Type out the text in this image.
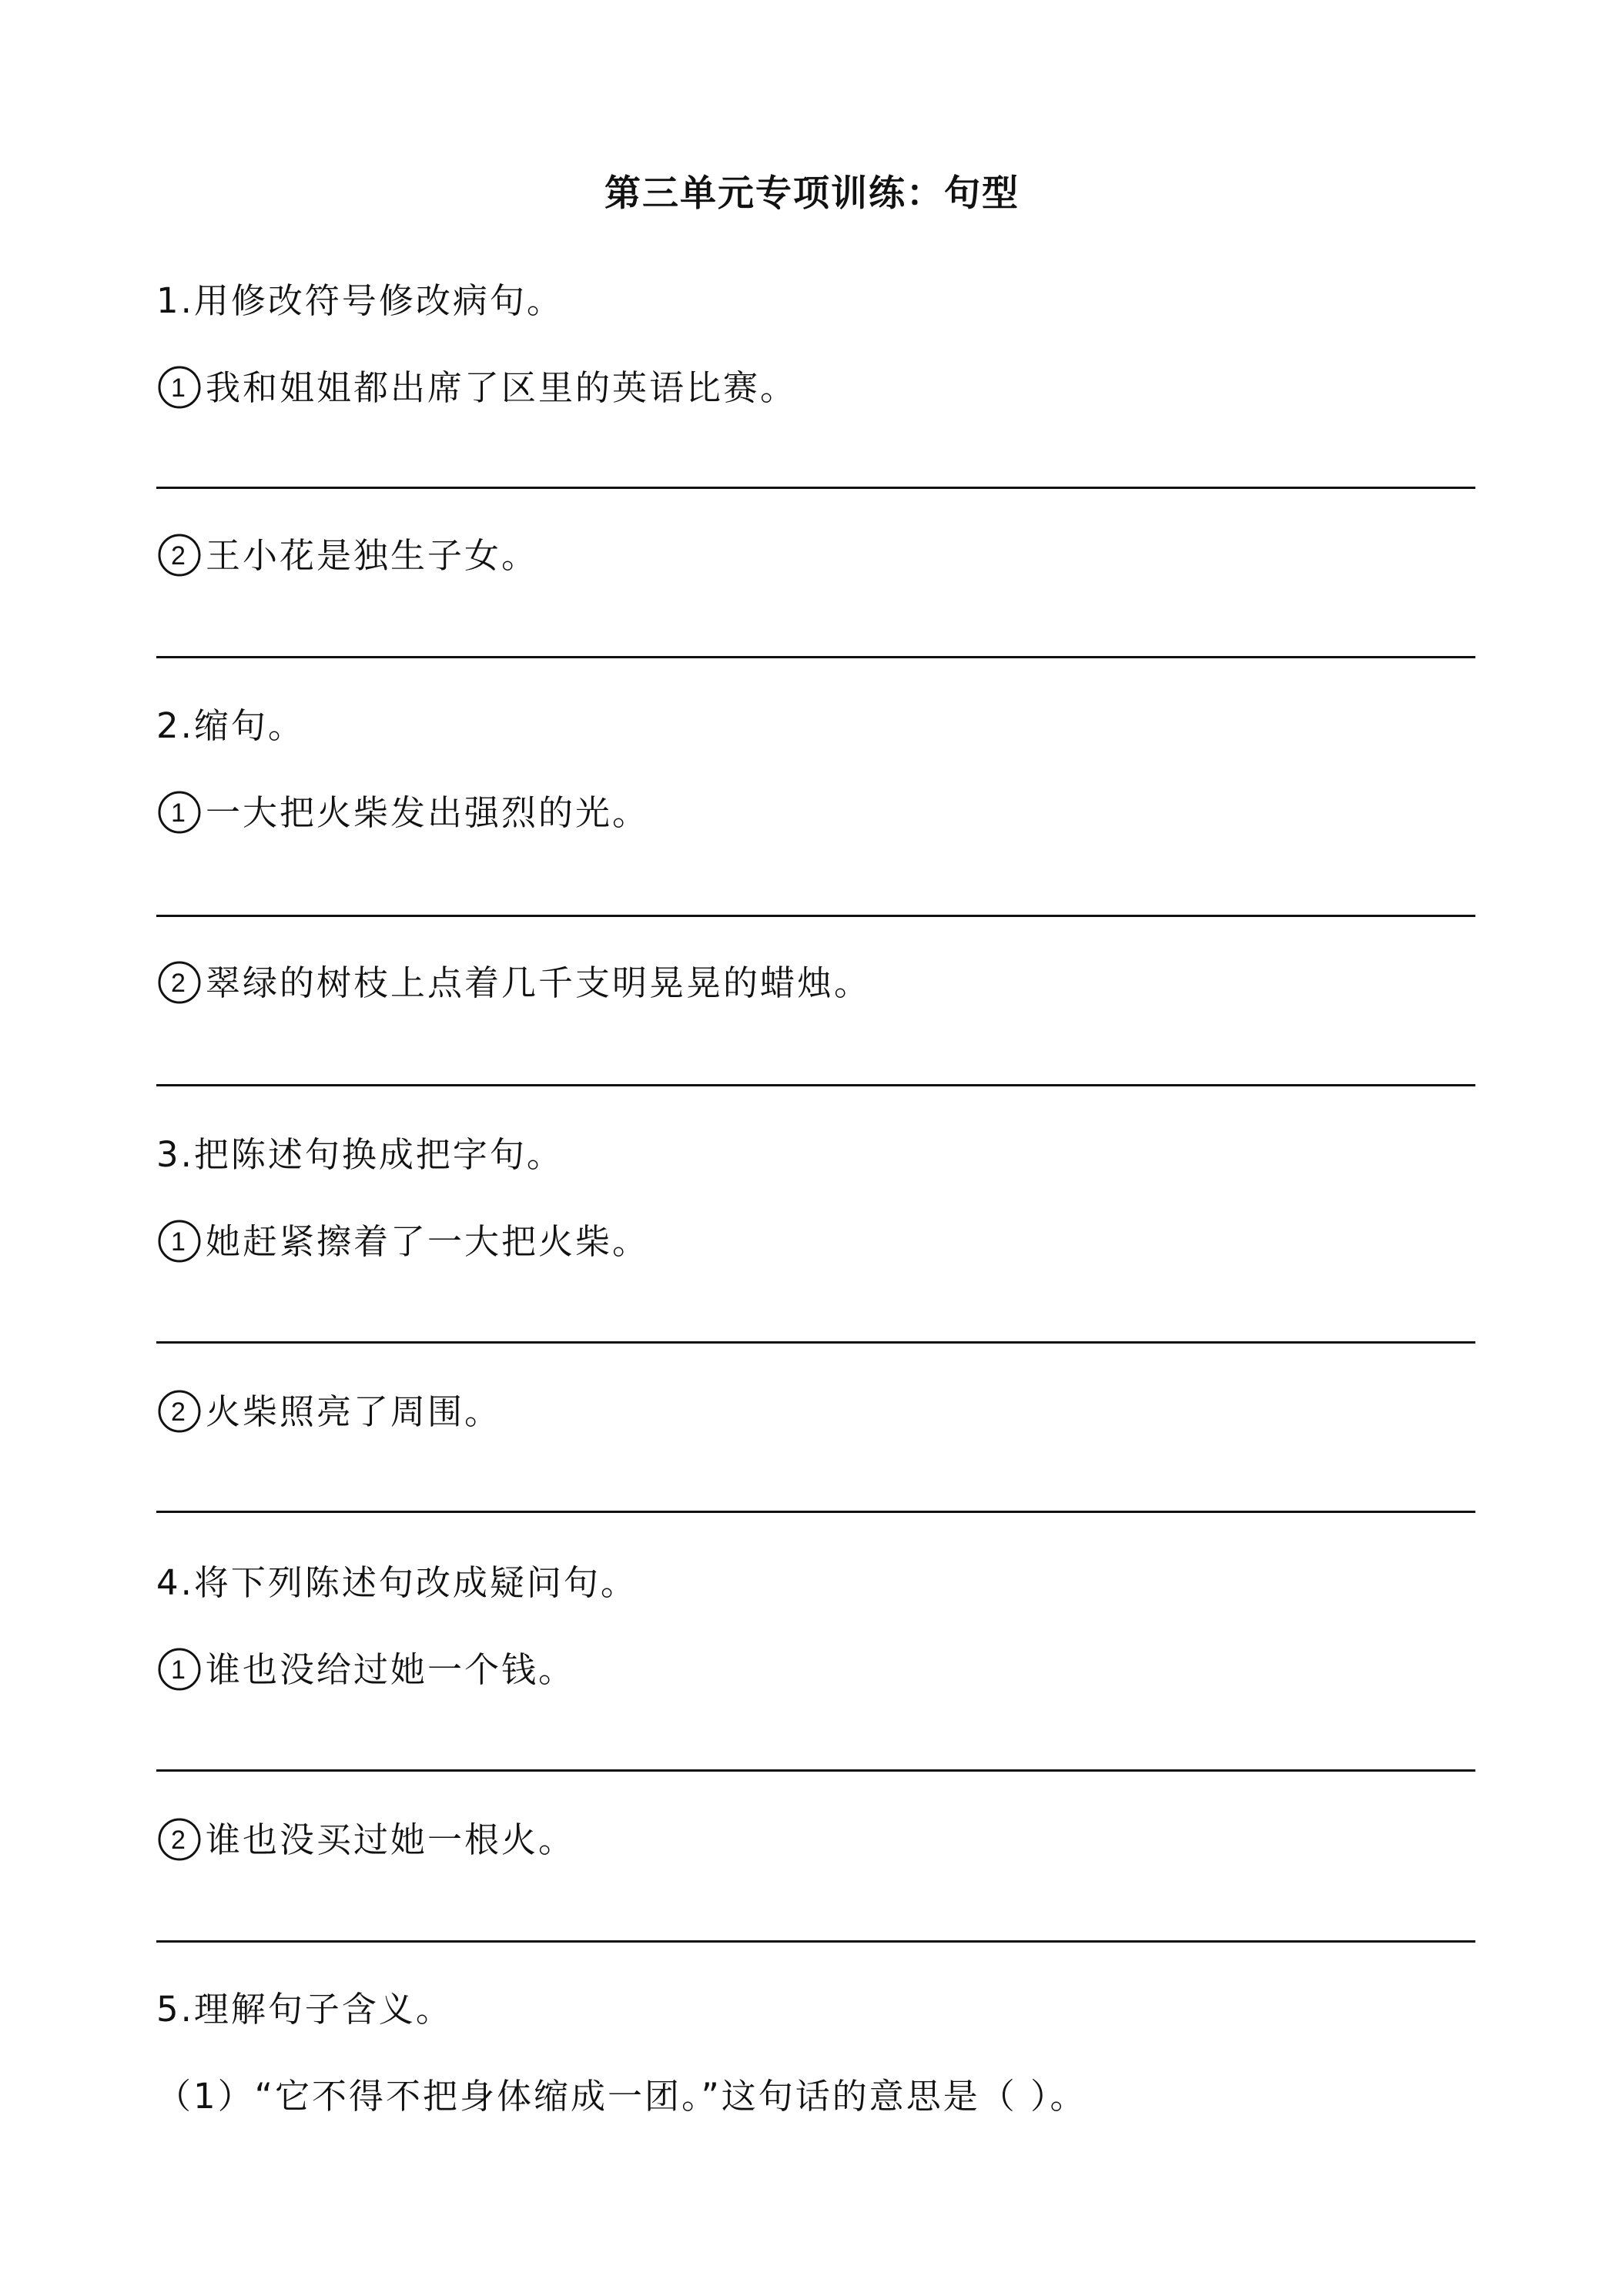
第三单元专项训练：句型
1.用修改符号修改病句。
1 我和姐姐都出席了区里的英语比赛。
2 王小花是独生子女。
2.缩句。
1 一大把火柴发出强烈的光。
2 翠绿的树枝上点着几千支明晃晃的蜡烛。
3.把陈述句换成把字句。
1 她赶紧擦着了一大把火柴。
2 火柴照亮了周围。
4.将下列陈述句改成疑问句。
1 谁也没给过她一个钱。
2 谁也没买过她一根火。
5.理解句子含义。
（1）“它不得不把身体缩成一团。”这句话的意思是（ ）。
